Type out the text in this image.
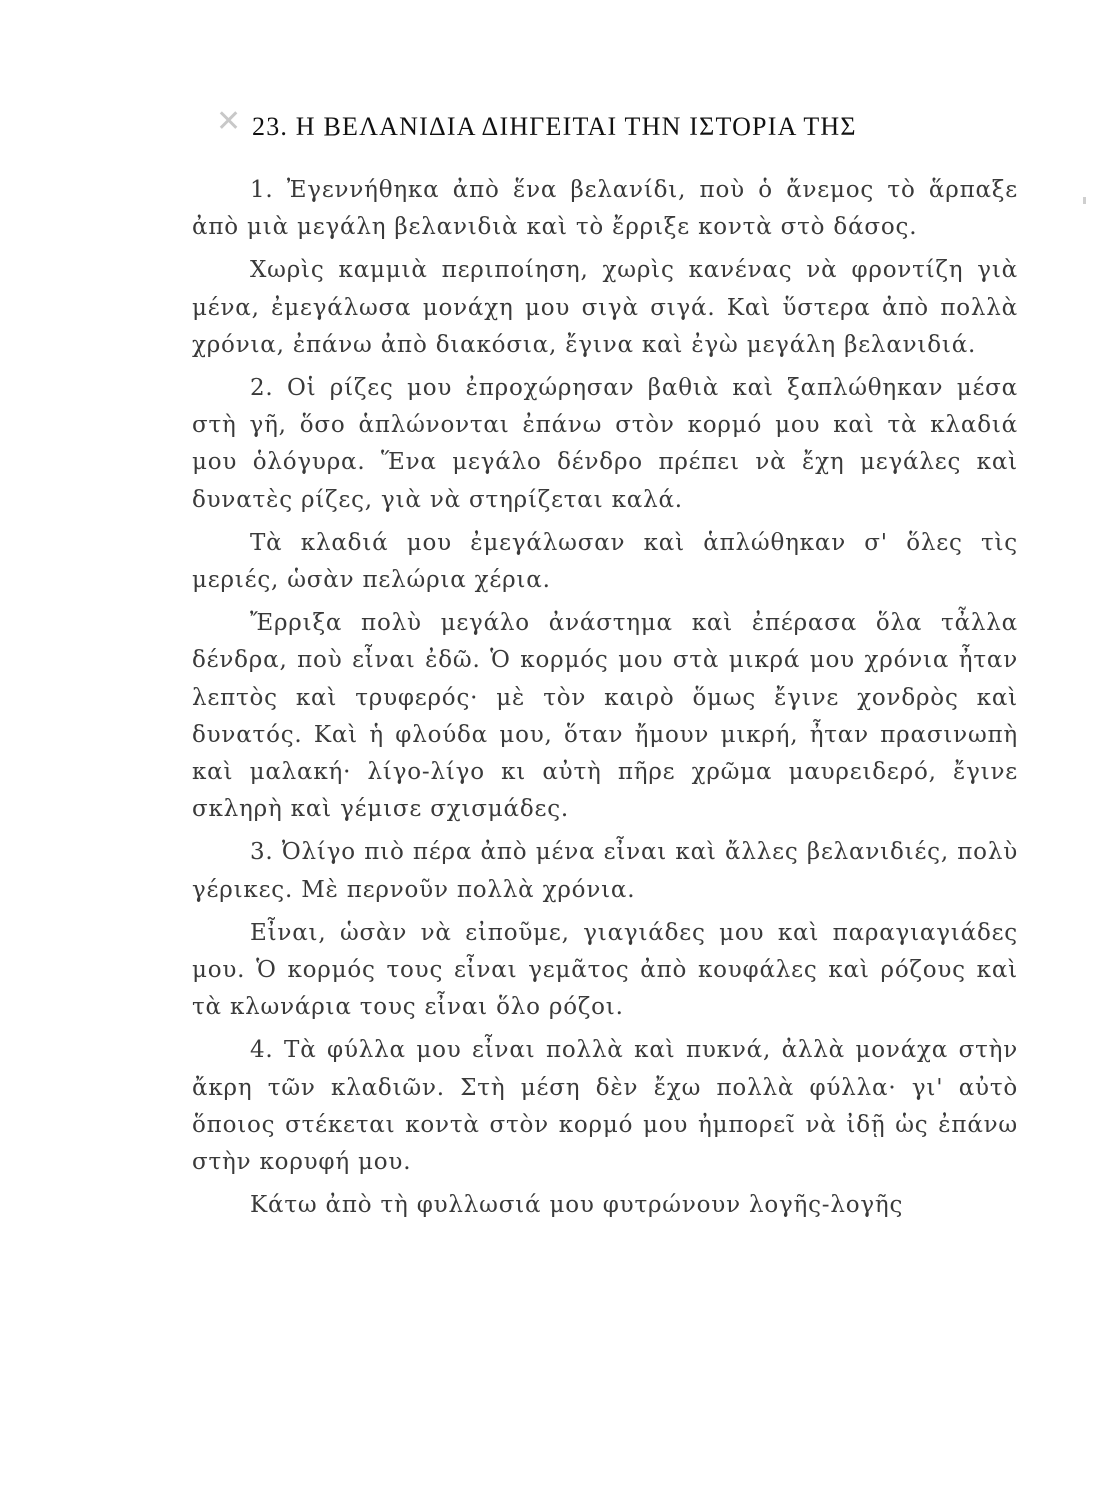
✕ 23. Η ΒΕΛΑΝΙΔΙΑ ΔΙΗΓΕΙΤΑΙ ΤΗΝ ΙΣΤΟΡΙΑ ΤΗΣ

1. Ἐγεννήθηκα ἀπὸ ἕνα βελανίδι, ποὺ ὁ ἄνεμος τὸ ἅρπαξε ἀπὸ μιὰ μεγάλη βελανιδιὰ καὶ τὸ ἔρριξε κοντὰ στὸ δάσος.

Χωρὶς καμμιὰ περιποίηση, χωρὶς κανένας νὰ φροντίζη γιὰ μένα, ἐμεγάλωσα μονάχη μου σιγὰ σιγά. Καὶ ὕστερα ἀπὸ πολλὰ χρόνια, ἐπάνω ἀπὸ διακόσια, ἔγινα καὶ ἐγὼ μεγάλη βελανιδιά.

2. Οἱ ρίζες μου ἐπροχώρησαν βαθιὰ καὶ ξαπλώθηκαν μέσα στὴ γῆ, ὅσο ἁπλώνονται ἐπάνω στὸν κορμό μου καὶ τὰ κλαδιά μου ὁλόγυρα. Ἕνα μεγάλο δένδρο πρέπει νὰ ἔχη μεγάλες καὶ δυνατὲς ρίζες, γιὰ νὰ στηρίζεται καλά.

Τὰ κλαδιά μου ἐμεγάλωσαν καὶ ἁπλώθηκαν σ' ὅλες τὶς μεριές, ὡσὰν πελώρια χέρια.

Ἔρριξα πολὺ μεγάλο ἀνάστημα καὶ ἐπέρασα ὅλα τἆλλα δένδρα, ποὺ εἶναι ἐδῶ. Ὁ κορμός μου στὰ μικρά μου χρόνια ἦταν λεπτὸς καὶ τρυφερός· μὲ τὸν καιρὸ ὅμως ἔγινε χονδρὸς καὶ δυνατός. Καὶ ἡ φλούδα μου, ὅταν ἤμουν μικρή, ἦταν πρασινωπὴ καὶ μαλακή· λίγο-λίγο κι αὐτὴ πῆρε χρῶμα μαυρειδερό, ἔγινε σκληρὴ καὶ γέμισε σχισμάδες.

3. Ὀλίγο πιὸ πέρα ἀπὸ μένα εἶναι καὶ ἄλλες βελανιδιές, πολὺ γέρικες. Μὲ περνοῦν πολλὰ χρόνια.

Εἶναι, ὡσὰν νὰ εἰποῦμε, γιαγιάδες μου καὶ παραγιαγιάδες μου. Ὁ κορμός τους εἶναι γεμᾶτος ἀπὸ κουφάλες καὶ ρόζους καὶ τὰ κλωνάρια τους εἶναι ὅλο ρόζοι.

4. Τὰ φύλλα μου εἶναι πολλὰ καὶ πυκνά, ἀλλὰ μονάχα στὴν ἄκρη τῶν κλαδιῶν. Στὴ μέση δὲν ἔχω πολλὰ φύλλα· γι' αὐτὸ ὅποιος στέκεται κοντὰ στὸν κορμό μου ἠμπορεῖ νὰ ἰδῇ ὡς ἐπάνω στὴν κορυφή μου.

Κάτω ἀπὸ τὴ φυλλωσιά μου φυτρώνουν λογῆς-λογῆς
